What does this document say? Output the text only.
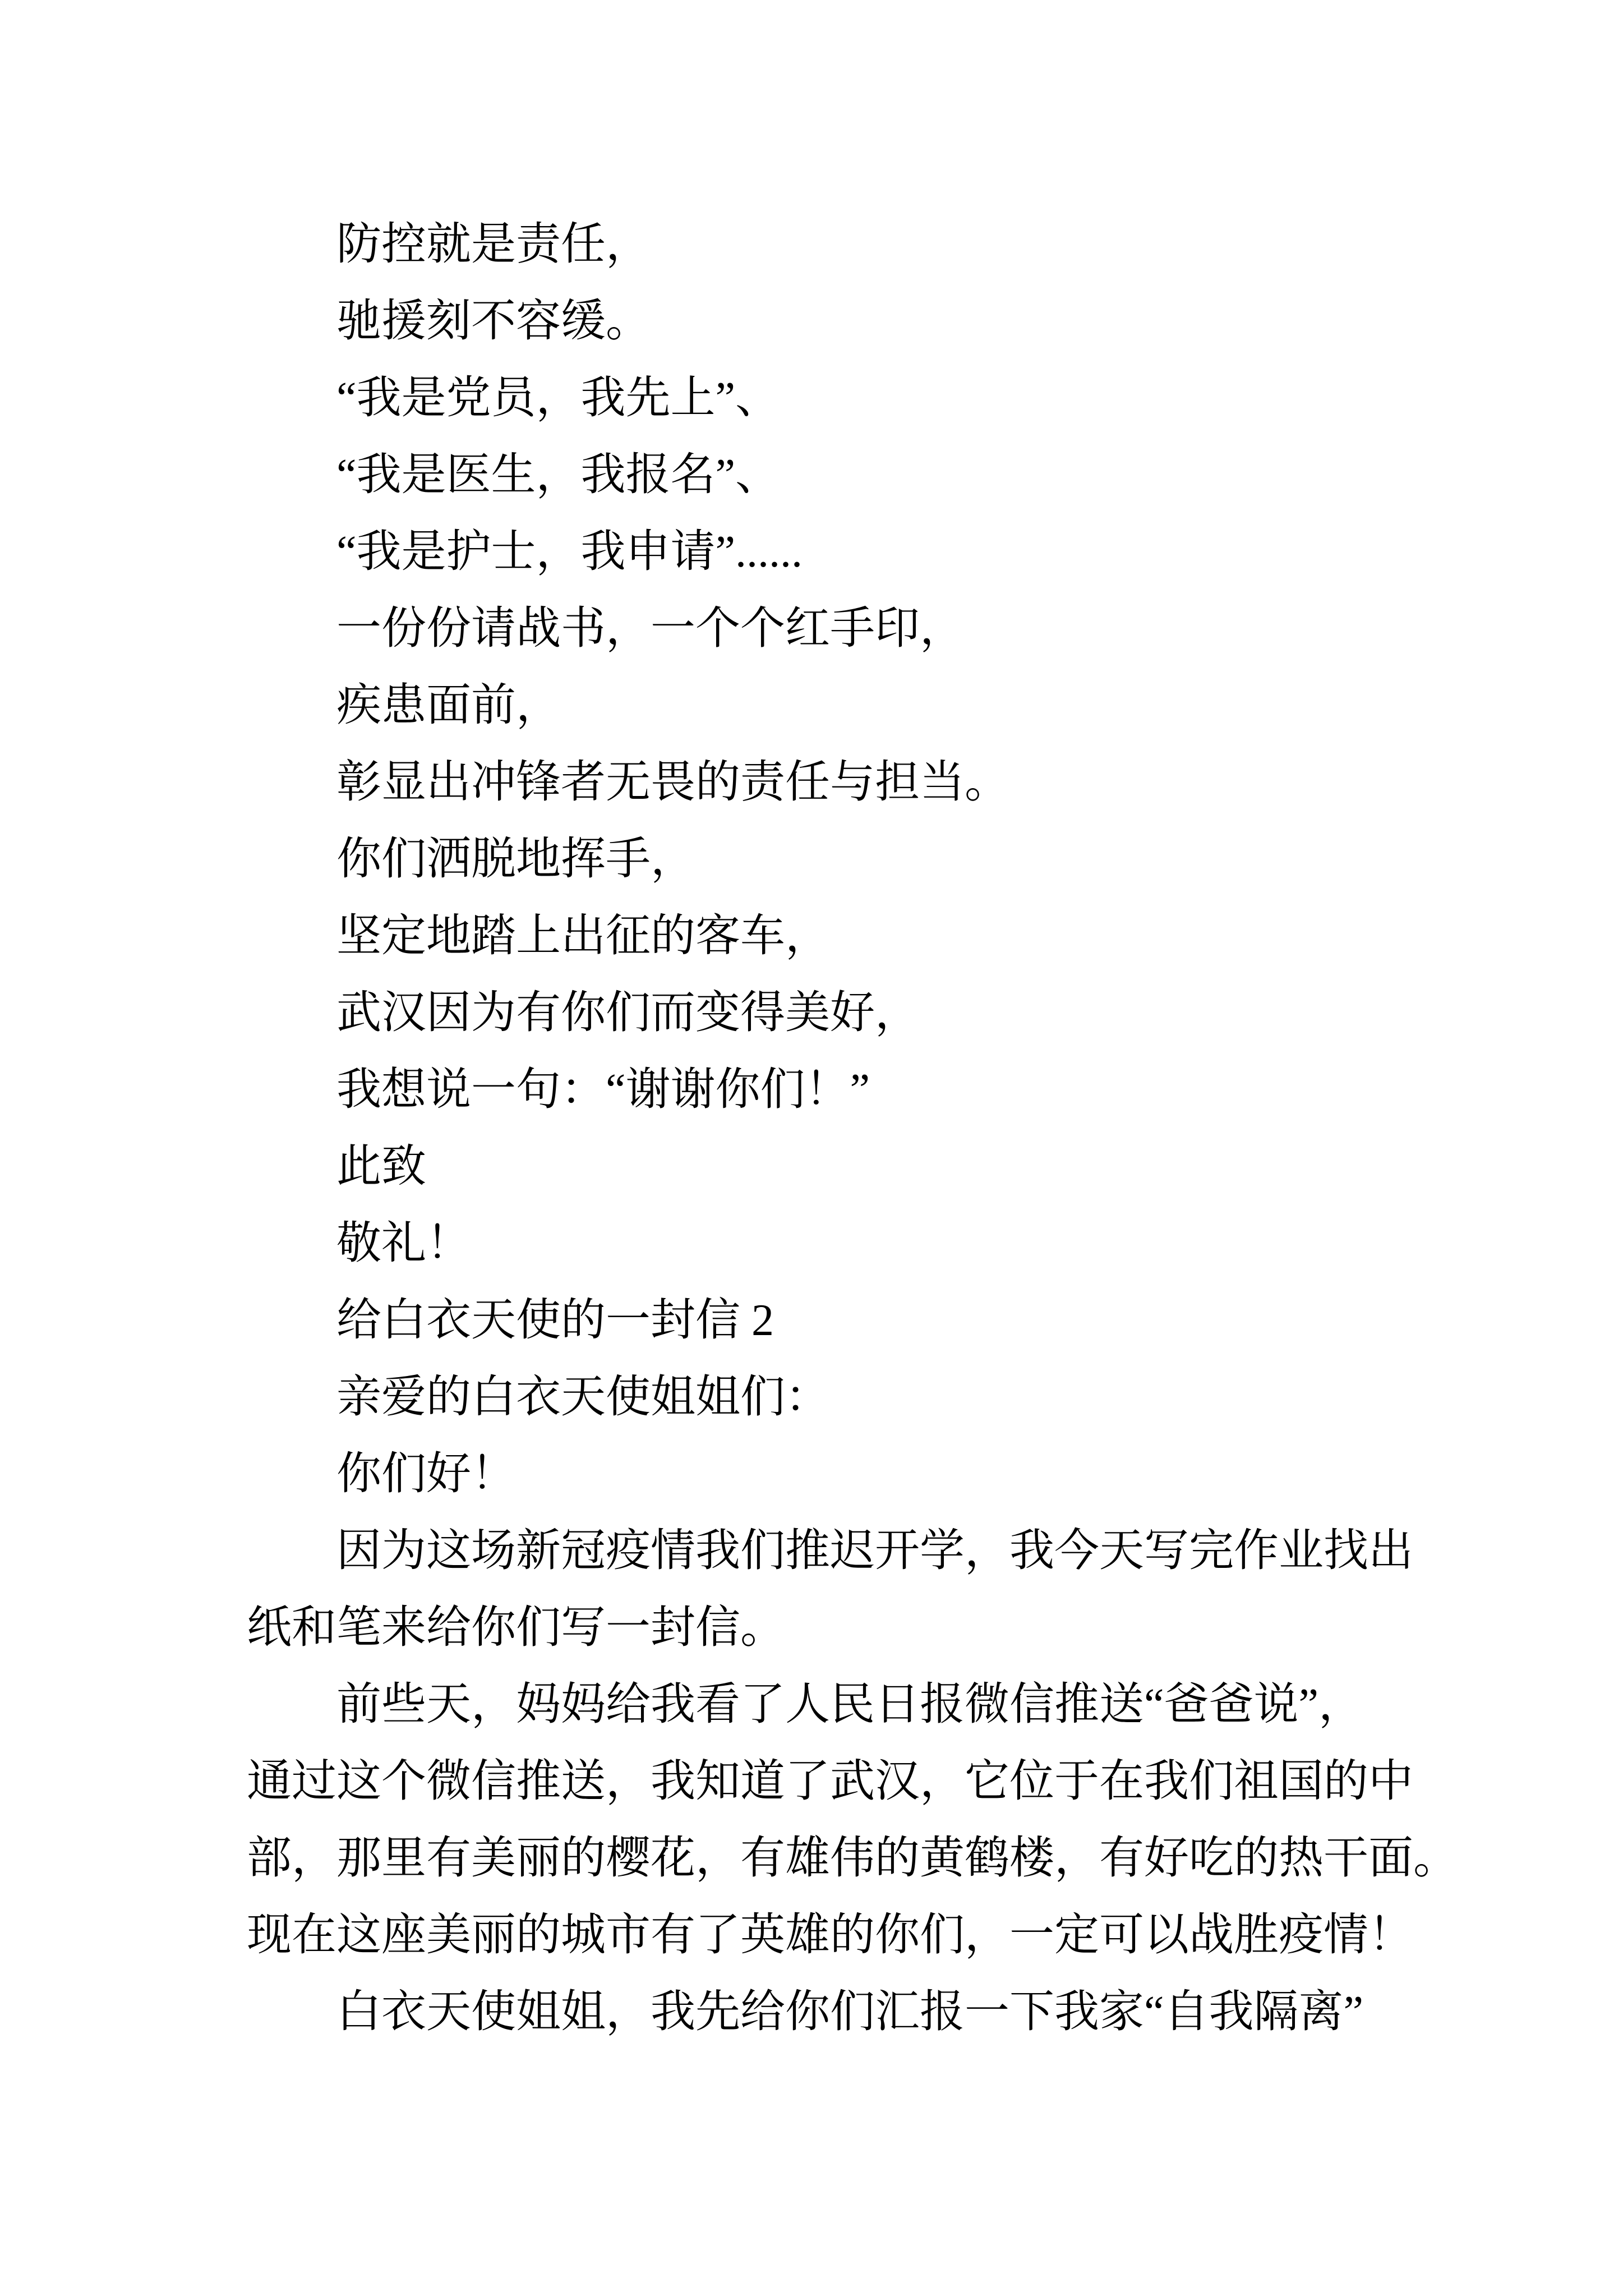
防控就是责任，
驰援刻不容缓。
“我是党员，我先上”、
“我是医生，我报名”、
“我是护士，我申请”......
一份份请战书，一个个红手印，
疾患面前，
彰显出冲锋者无畏的责任与担当。
你们洒脱地挥手，
坚定地踏上出征的客车，
武汉因为有你们而变得美好，
我想说一句：“谢谢你们！”
此致
敬礼！
给白衣天使的一封信 2
亲爱的白衣天使姐姐们：
你们好！
因为这场新冠疫情我们推迟开学，我今天写完作业找出
纸和笔来给你们写一封信。
前些天，妈妈给我看了人民日报微信推送“爸爸说”，
通过这个微信推送，我知道了武汉，它位于在我们祖国的中
部，那里有美丽的樱花，有雄伟的黄鹤楼，有好吃的热干面。
现在这座美丽的城市有了英雄的你们，一定可以战胜疫情！
白衣天使姐姐，我先给你们汇报一下我家“自我隔离”
